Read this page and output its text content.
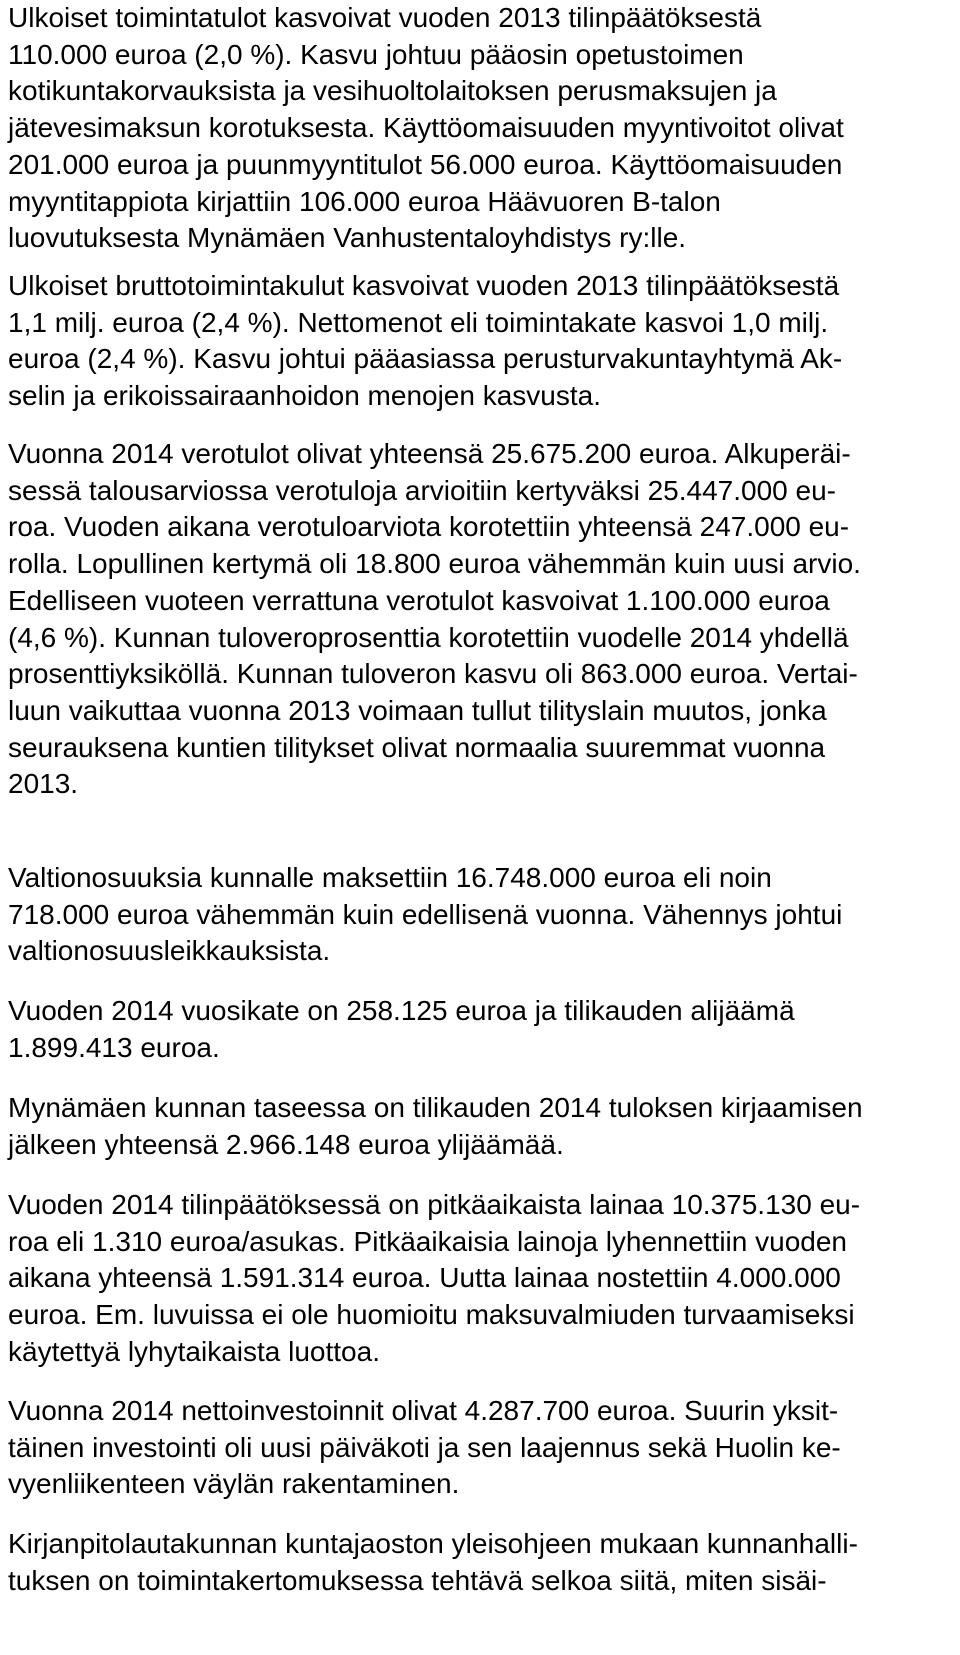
Ulkoiset toimintatulot kasvoivat vuoden 2013 tilinpäätöksestä
110.000 euroa (2,0 %). Kasvu johtuu pääosin opetustoimen
kotikuntakorvauksista ja vesihuoltolaitoksen perusmaksujen ja
jätevesimaksun korotuksesta. Käyttöomaisuuden myyntivoitot olivat
201.000 euroa ja puunmyyntitulot 56.000 euroa. Käyttöomaisuuden
myyntitappiota kirjattiin 106.000 euroa Häävuoren B-talon
luovutuksesta Mynämäen Vanhustentaloyhdistys ry:lle.
Ulkoiset bruttotoimintakulut kasvoivat vuoden 2013 tilinpäätöksestä
1,1 milj. euroa (2,4 %). Nettomenot eli toimintakate kasvoi 1,0 milj.
euroa (2,4 %). Kasvu johtui pääasiassa perusturvakuntayhtymä Ak-
selin ja erikoissairaanhoidon menojen kasvusta.
Vuonna 2014 verotulot olivat yhteensä 25.675.200 euroa. Alkuperäi-
sessä talousarviossa verotuloja arvioitiin kertyväksi 25.447.000 eu-
roa. Vuoden aikana verotuloarviota korotettiin yhteensä 247.000 eu-
rolla. Lopullinen kertymä oli 18.800 euroa vähemmän kuin uusi arvio.
Edelliseen vuoteen verrattuna verotulot kasvoivat 1.100.000 euroa
(4,6 %). Kunnan tuloveroprosenttia korotettiin vuodelle 2014 yhdellä
prosenttiyksiköllä. Kunnan tuloveron kasvu oli 863.000 euroa. Vertai-
luun vaikuttaa vuonna 2013 voimaan tullut tilityslain muutos, jonka
seurauksena kuntien tilitykset olivat normaalia suuremmat vuonna
2013.
Valtionosuuksia kunnalle maksettiin 16.748.000 euroa eli noin
718.000 euroa vähemmän kuin edellisenä vuonna. Vähennys johtui
valtionosuusleikkauksista.
Vuoden 2014 vuosikate on 258.125 euroa ja tilikauden alijäämä
1.899.413 euroa.
Mynämäen kunnan taseessa on tilikauden 2014 tuloksen kirjaamisen
jälkeen yhteensä 2.966.148 euroa ylijäämää.
Vuoden 2014 tilinpäätöksessä on pitkäaikaista lainaa 10.375.130 eu-
roa eli 1.310 euroa/asukas. Pitkäaikaisia lainoja lyhennettiin vuoden
aikana yhteensä 1.591.314 euroa. Uutta lainaa nostettiin 4.000.000
euroa. Em. luvuissa ei ole huomioitu maksuvalmiuden turvaamiseksi
käytettyä lyhytaikaista luottoa.
Vuonna 2014 nettoinvestoinnit olivat 4.287.700 euroa. Suurin yksit-
täinen investointi oli uusi päiväkoti ja sen laajennus sekä Huolin ke-
vyenliikenteen väylän rakentaminen.
Kirjanpitolautakunnan kuntajaoston yleisohjeen mukaan kunnanhalli-
tuksen on toimintakertomuksessa tehtävä selkoa siitä, miten sisäi-
